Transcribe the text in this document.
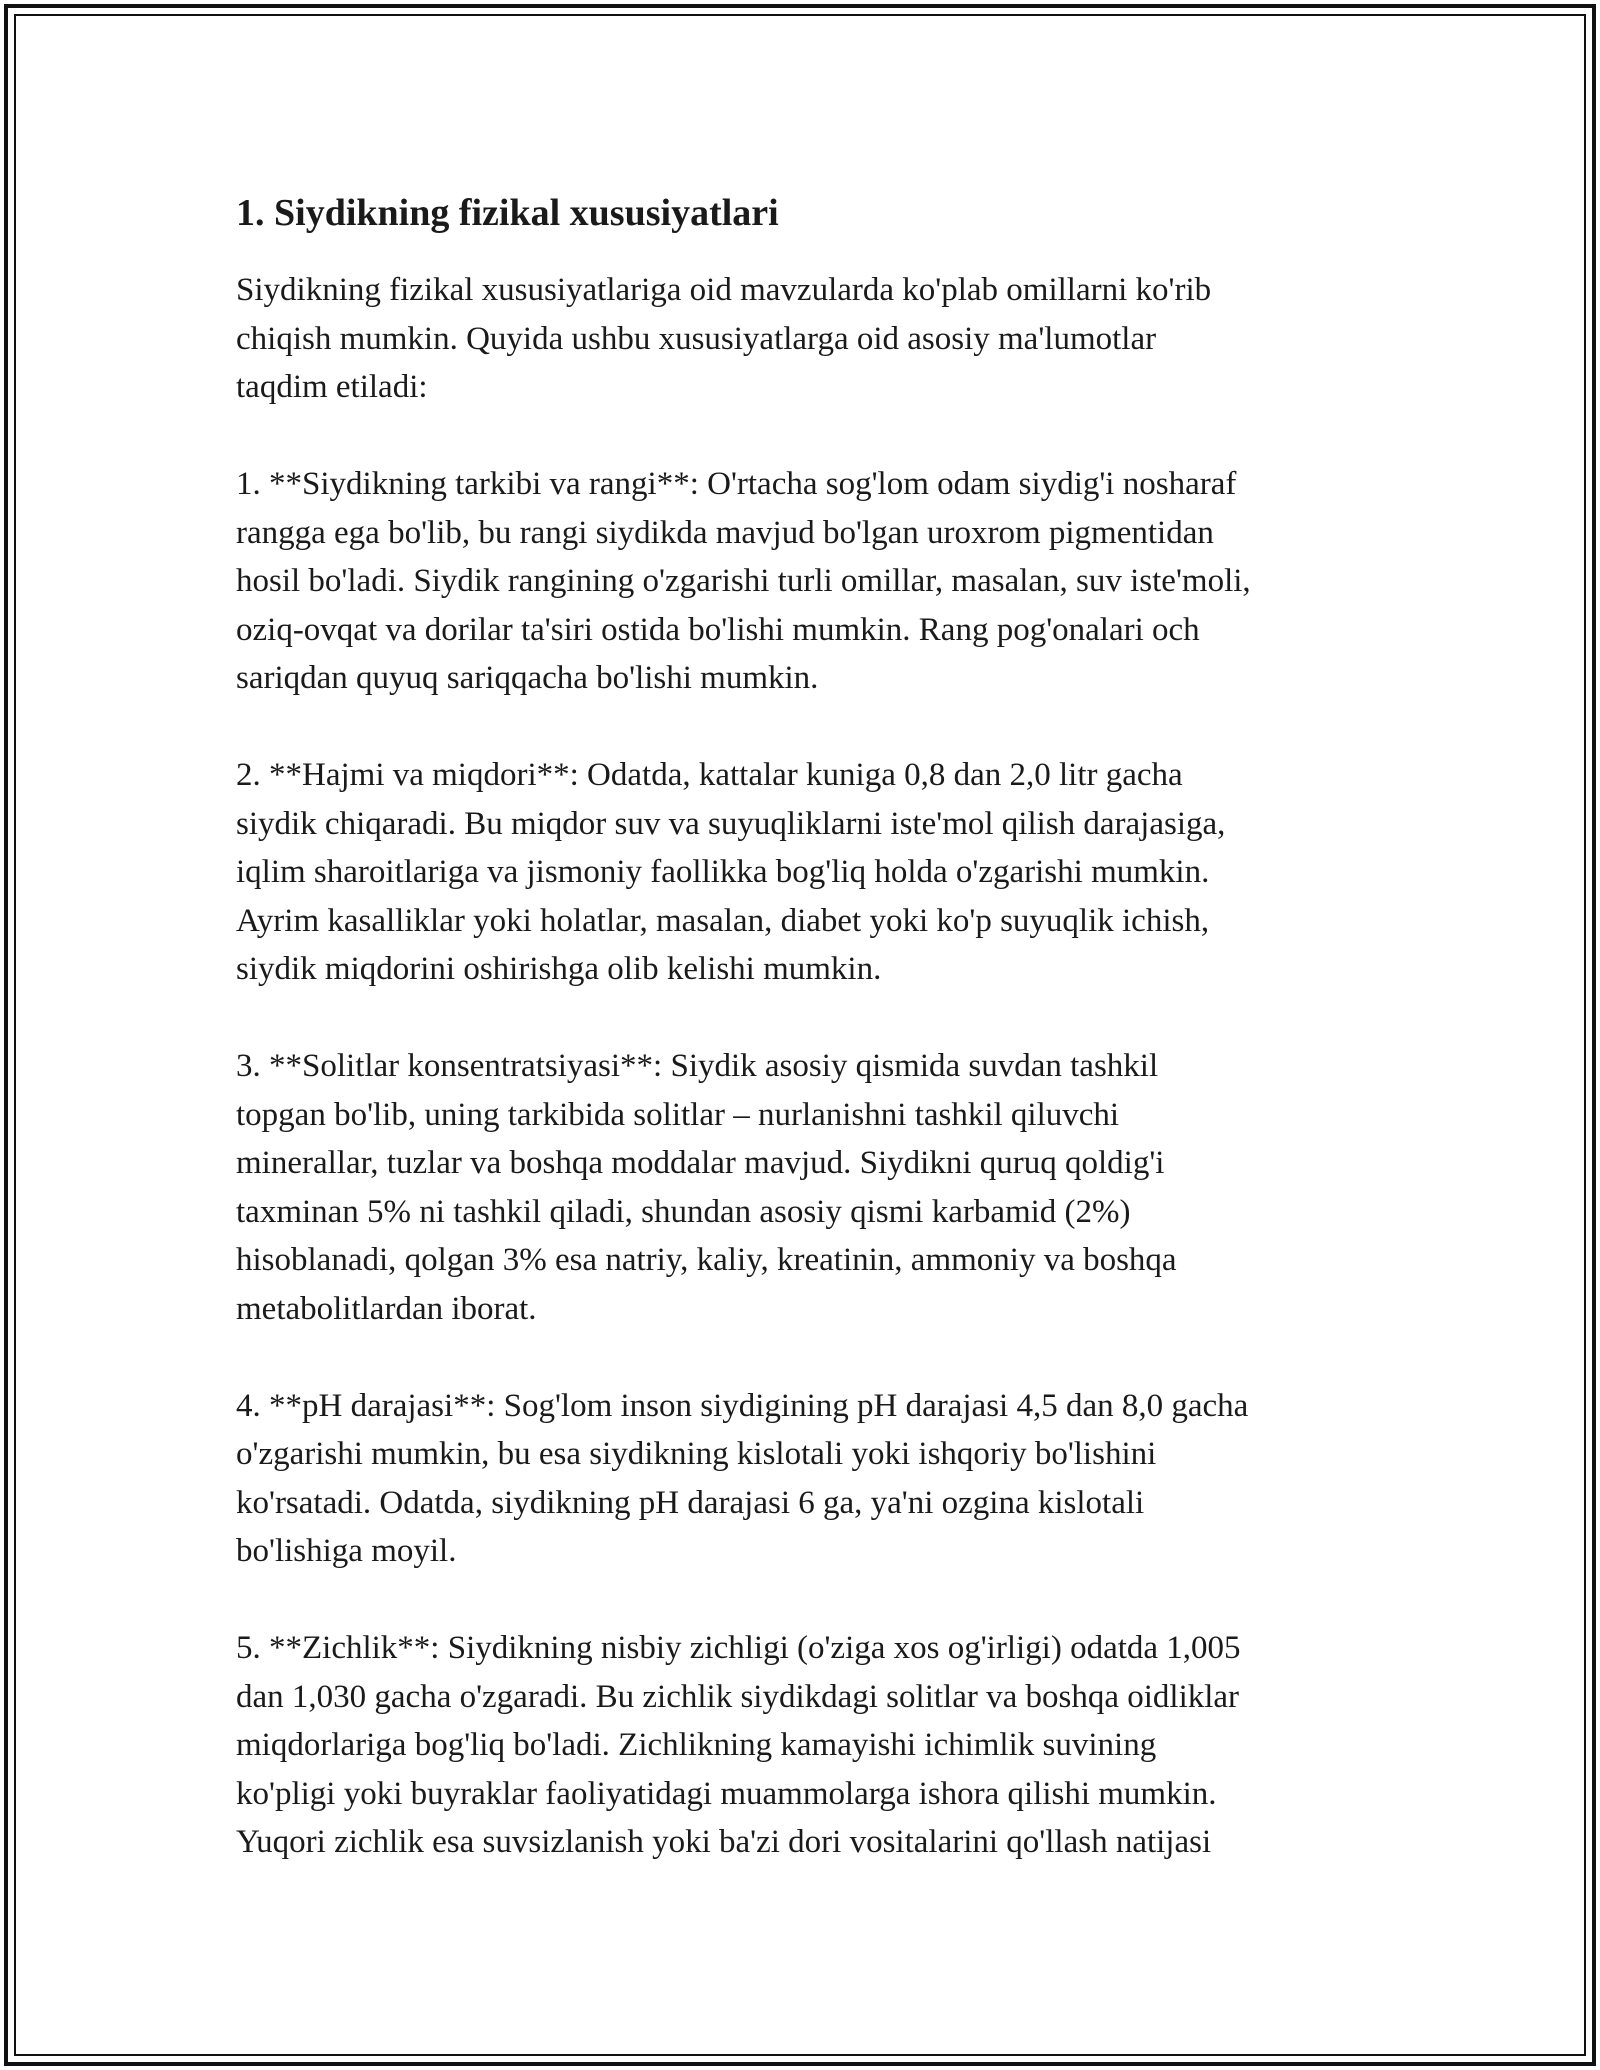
1. Siydikning fizikal xususiyatlari

Siydikning fizikal xususiyatlariga oid mavzularda ko'plab omillarni ko'rib
chiqish mumkin. Quyida ushbu xususiyatlarga oid asosiy ma'lumotlar
taqdim etiladi:

1. **Siydikning tarkibi va rangi**: O'rtacha sog'lom odam siydig'i nosharaf
rangga ega bo'lib, bu rangi siydikda mavjud bo'lgan uroxrom pigmentidan
hosil bo'ladi. Siydik rangining o'zgarishi turli omillar, masalan, suv iste'moli,
oziq-ovqat va dorilar ta'siri ostida bo'lishi mumkin. Rang pog'onalari och
sariqdan quyuq sariqqacha bo'lishi mumkin.

2. **Hajmi va miqdori**: Odatda, kattalar kuniga 0,8 dan 2,0 litr gacha
siydik chiqaradi. Bu miqdor suv va suyuqliklarni iste'mol qilish darajasiga,
iqlim sharoitlariga va jismoniy faollikka bog'liq holda o'zgarishi mumkin.
Ayrim kasalliklar yoki holatlar, masalan, diabet yoki ko'p suyuqlik ichish,
siydik miqdorini oshirishga olib kelishi mumkin.

3. **Solitlar konsentratsiyasi**: Siydik asosiy qismida suvdan tashkil
topgan bo'lib, uning tarkibida solitlar – nurlanishni tashkil qiluvchi
minerallar, tuzlar va boshqa moddalar mavjud. Siydikni quruq qoldig'i
taxminan 5% ni tashkil qiladi, shundan asosiy qismi karbamid (2%)
hisoblanadi, qolgan 3% esa natriy, kaliy, kreatinin, ammoniy va boshqa
metabolitlardan iborat.

4. **pH darajasi**: Sog'lom inson siydigining pH darajasi 4,5 dan 8,0 gacha
o'zgarishi mumkin, bu esa siydikning kislotali yoki ishqoriy bo'lishini
ko'rsatadi. Odatda, siydikning pH darajasi 6 ga, ya'ni ozgina kislotali
bo'lishiga moyil.

5. **Zichlik**: Siydikning nisbiy zichligi (o'ziga xos og'irligi) odatda 1,005
dan 1,030 gacha o'zgaradi. Bu zichlik siydikdagi solitlar va boshqa oidliklar
miqdorlariga bog'liq bo'ladi. Zichlikning kamayishi ichimlik suvining
ko'pligi yoki buyraklar faoliyatidagi muammolarga ishora qilishi mumkin.
Yuqori zichlik esa suvsizlanish yoki ba'zi dori vositalarini qo'llash natijasi
